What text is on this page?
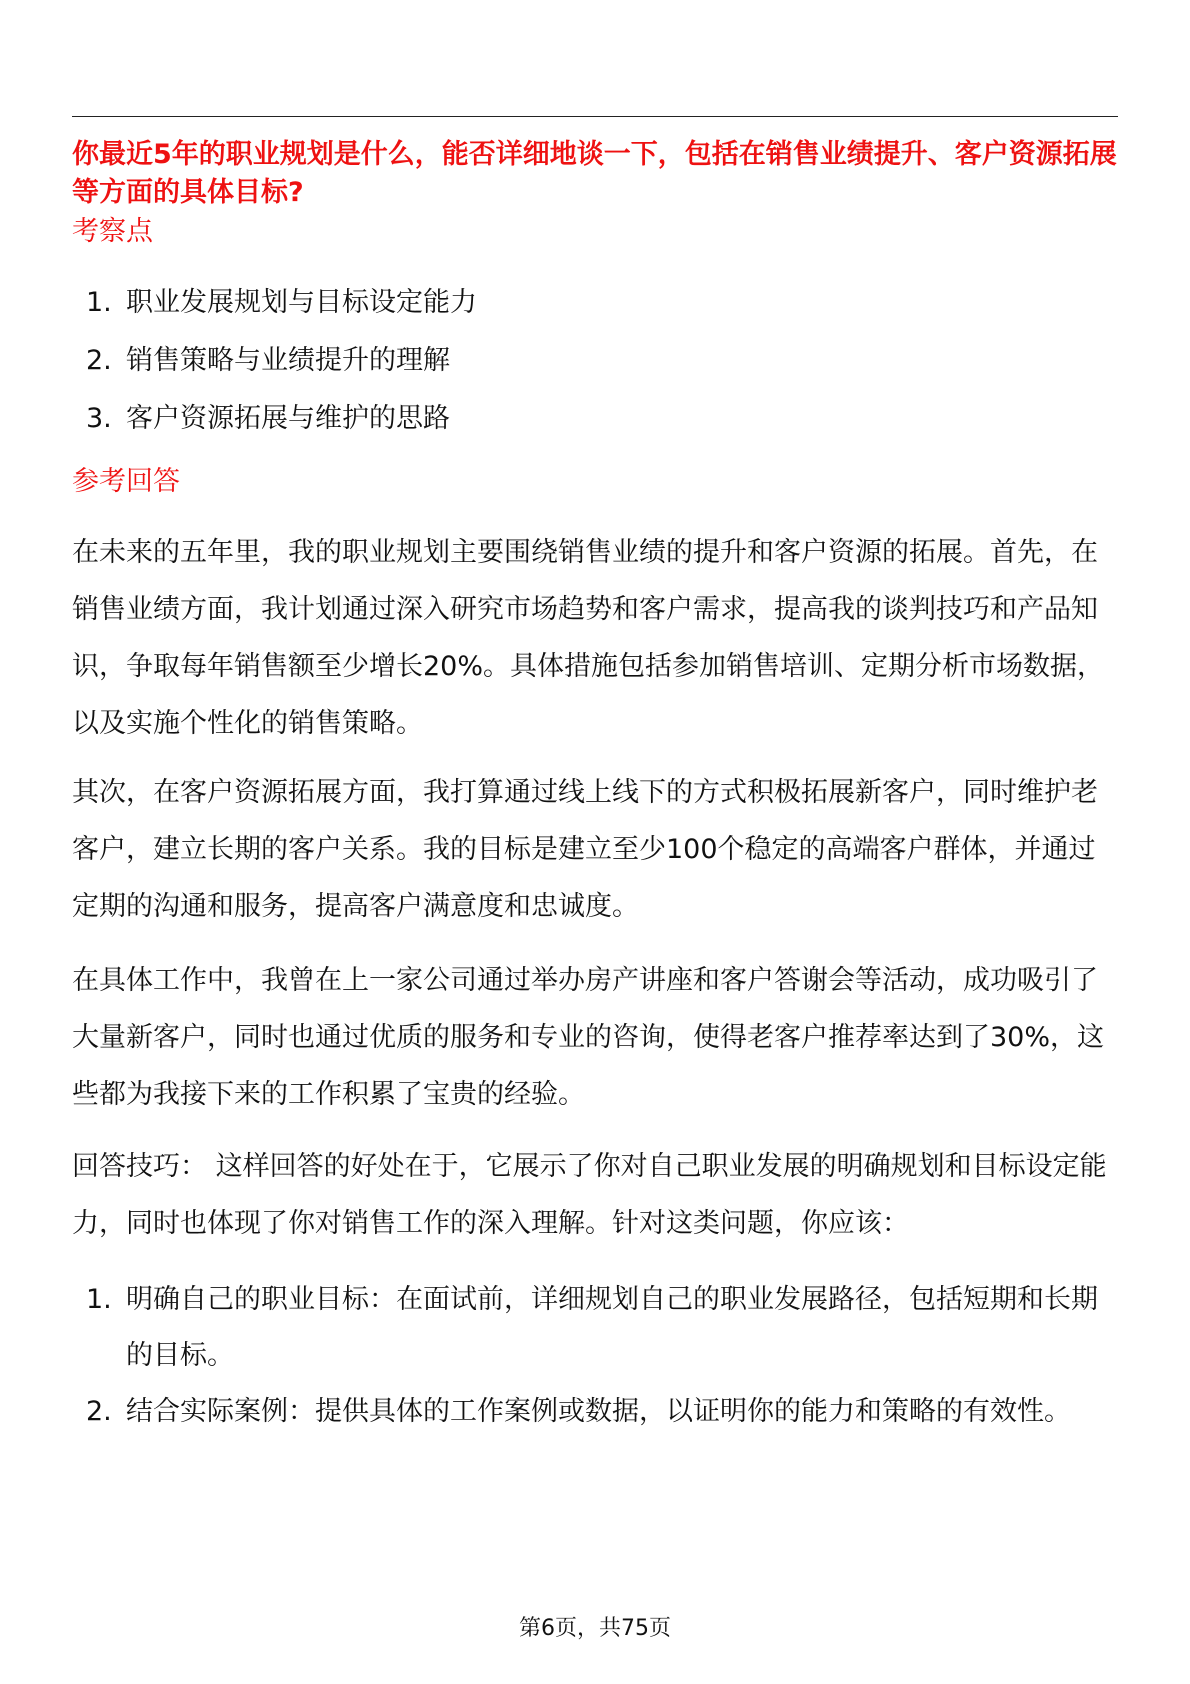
你最近5年的职业规划是什么，能否详细地谈一下，包括在销售业绩提升、客户资源拓展等方面的具体目标?
考察点
1. 职业发展规划与目标设定能力
2. 销售策略与业绩提升的理解
3. 客户资源拓展与维护的思路
参考回答

在未来的五年里，我的职业规划主要围绕销售业绩的提升和客户资源的拓展。首先，在销售业绩方面，我计划通过深入研究市场趋势和客户需求，提高我的谈判技巧和产品知识，争取每年销售额至少增长20%。具体措施包括参加销售培训、定期分析市场数据，以及实施个性化的销售策略。

其次，在客户资源拓展方面，我打算通过线上线下的方式积极拓展新客户，同时维护老客户，建立长期的客户关系。我的目标是建立至少100个稳定的高端客户群体，并通过定期的沟通和服务，提高客户满意度和忠诚度。

在具体工作中，我曾在上一家公司通过举办房产讲座和客户答谢会等活动，成功吸引了大量新客户，同时也通过优质的服务和专业的咨询，使得老客户推荐率达到了30%，这些都为我接下来的工作积累了宝贵的经验。

回答技巧： 这样回答的好处在于，它展示了你对自己职业发展的明确规划和目标设定能力，同时也体现了你对销售工作的深入理解。针对这类问题，你应该：

1. 明确自己的职业目标：在面试前，详细规划自己的职业发展路径，包括短期和长期的目标。
2. 结合实际案例：提供具体的工作案例或数据，以证明你的能力和策略的有效性。
第6页，共75页
